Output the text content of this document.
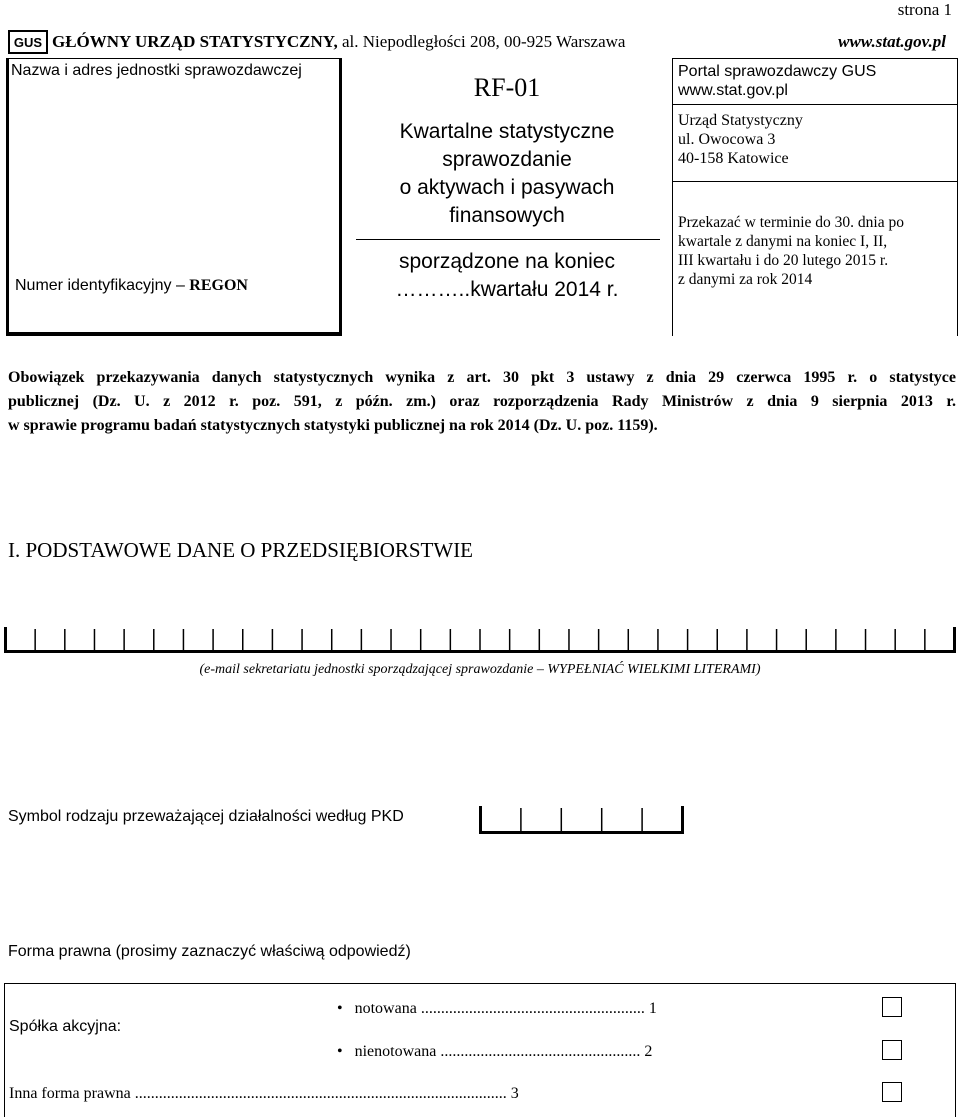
strona 1
GUS GŁÓWNY URZĄD STATYSTYCZNY, al. Niepodległości 208, 00-925 Warszawa	www.stat.gov.pl
Nazwa i adres jednostki sprawozdawczej
Numer identyfikacyjny – REGON
RF-01
Kwartalne statystyczne
sprawozdanie
o aktywach i pasywach
finansowych
sporządzone na koniec
………..kwartału 2014 r.
Portal sprawozdawczy GUS
www.stat.gov.pl
Urząd Statystyczny
ul. Owocowa 3
40-158 Katowice
Przekazać w terminie do 30. dnia po
kwartale z danymi na koniec I, II,
III kwartału i do 20 lutego 2015 r.
z danymi za rok 2014
Obowiązek przekazywania danych statystycznych wynika z art. 30 pkt 3 ustawy z dnia 29 czerwca 1995 r. o statystyce
publicznej (Dz. U. z 2012 r. poz. 591, z późn. zm.) oraz rozporządzenia Rady Ministrów z dnia 9 sierpnia 2013 r.
w sprawie programu badań statystycznych statystyki publicznej na rok 2014 (Dz. U. poz. 1159).
I. PODSTAWOWE DANE O PRZEDSIĘBIORSTWIE
(e-mail sekretariatu jednostki sporządzającej sprawozdanie – WYPEŁNIAĆ WIELKIMI LITERAMI)
Symbol rodzaju przeważającej działalności według PKD
Forma prawna (prosimy zaznaczyć właściwą odpowiedź)
Spółka akcyjna:
•   notowana ........................................................ 1
•   nienotowana .................................................. 2
Inna forma prawna ............................................................................................. 3
